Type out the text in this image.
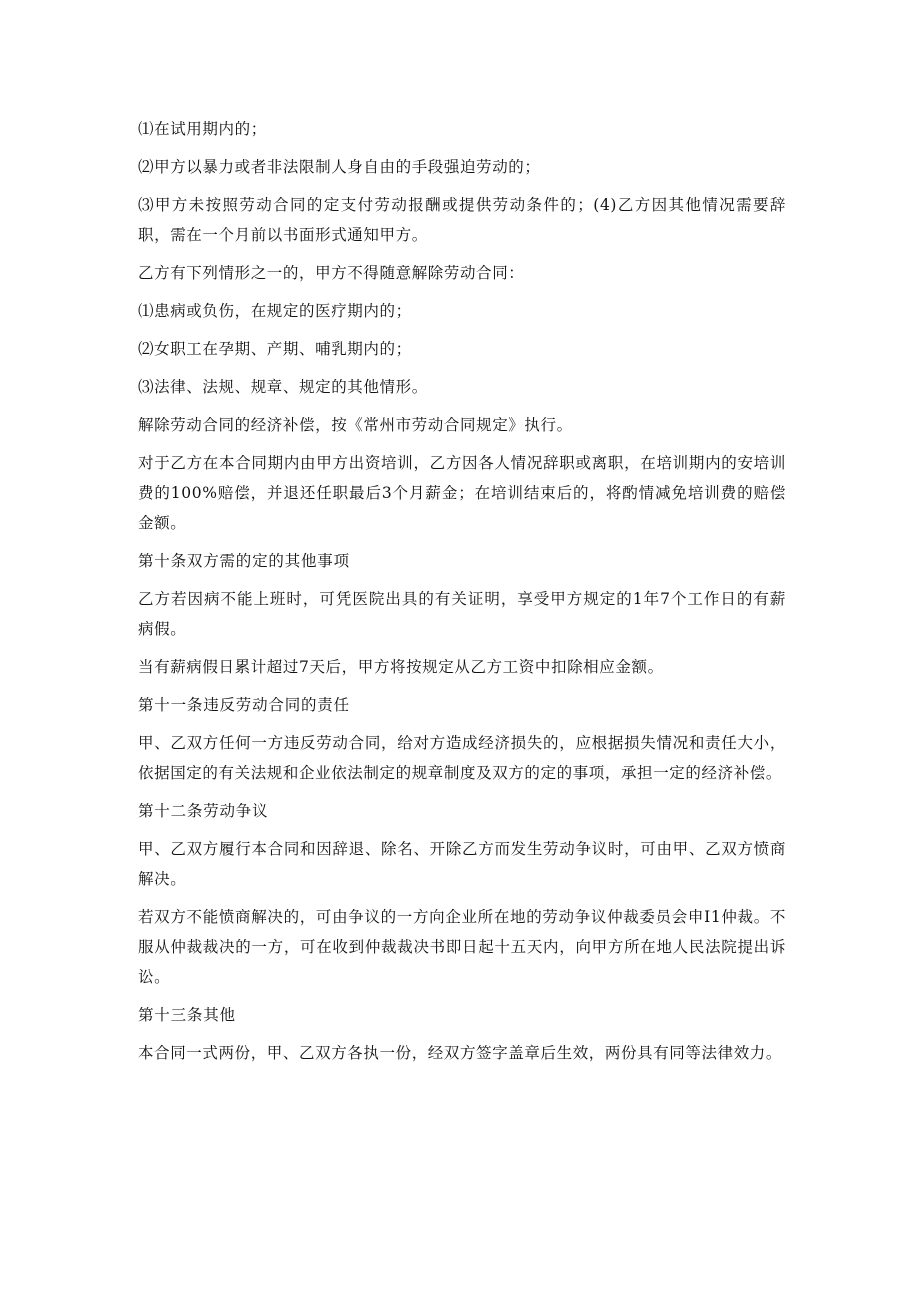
⑴在试用期内的；

⑵甲方以暴力或者非法限制人身自由的手段强迫劳动的；

⑶甲方未按照劳动合同的定支付劳动报酬或提供劳动条件的；(4)乙方因其他情况需要辞职，需在一个月前以书面形式通知甲方。

乙方有下列情形之一的，甲方不得随意解除劳动合同：

⑴患病或负伤，在规定的医疗期内的；

⑵女职工在孕期、产期、哺乳期内的；

⑶法律、法规、规章、规定的其他情形。

解除劳动合同的经济补偿，按《常州市劳动合同规定》执行。

对于乙方在本合同期内由甲方出资培训，乙方因各人情况辞职或离职，在培训期内的安培训费的100%赔偿，并退还任职最后3个月薪金；在培训结束后的，将酌情减免培训费的赔偿金额。

第十条双方需的定的其他事项

乙方若因病不能上班时，可凭医院出具的有关证明，享受甲方规定的1年7个工作日的有薪病假。

当有薪病假日累计超过7天后，甲方将按规定从乙方工资中扣除相应金额。

第十一条违反劳动合同的责任

甲、乙双方任何一方违反劳动合同，给对方造成经济损失的，应根据损失情况和责任大小，依据国定的有关法规和企业依法制定的规章制度及双方的定的事项，承担一定的经济补偿。

第十二条劳动争议

甲、乙双方履行本合同和因辞退、除名、开除乙方而发生劳动争议时，可由甲、乙双方愤商解决。

若双方不能愤商解决的，可由争议的一方向企业所在地的劳动争议仲裁委员会申I1仲裁。不服从仲裁裁决的一方，可在收到仲裁裁决书即日起十五天内，向甲方所在地人民法院提出诉讼。

第十三条其他

本合同一式两份，甲、乙双方各执一份，经双方签字盖章后生效，两份具有同等法律效力。
